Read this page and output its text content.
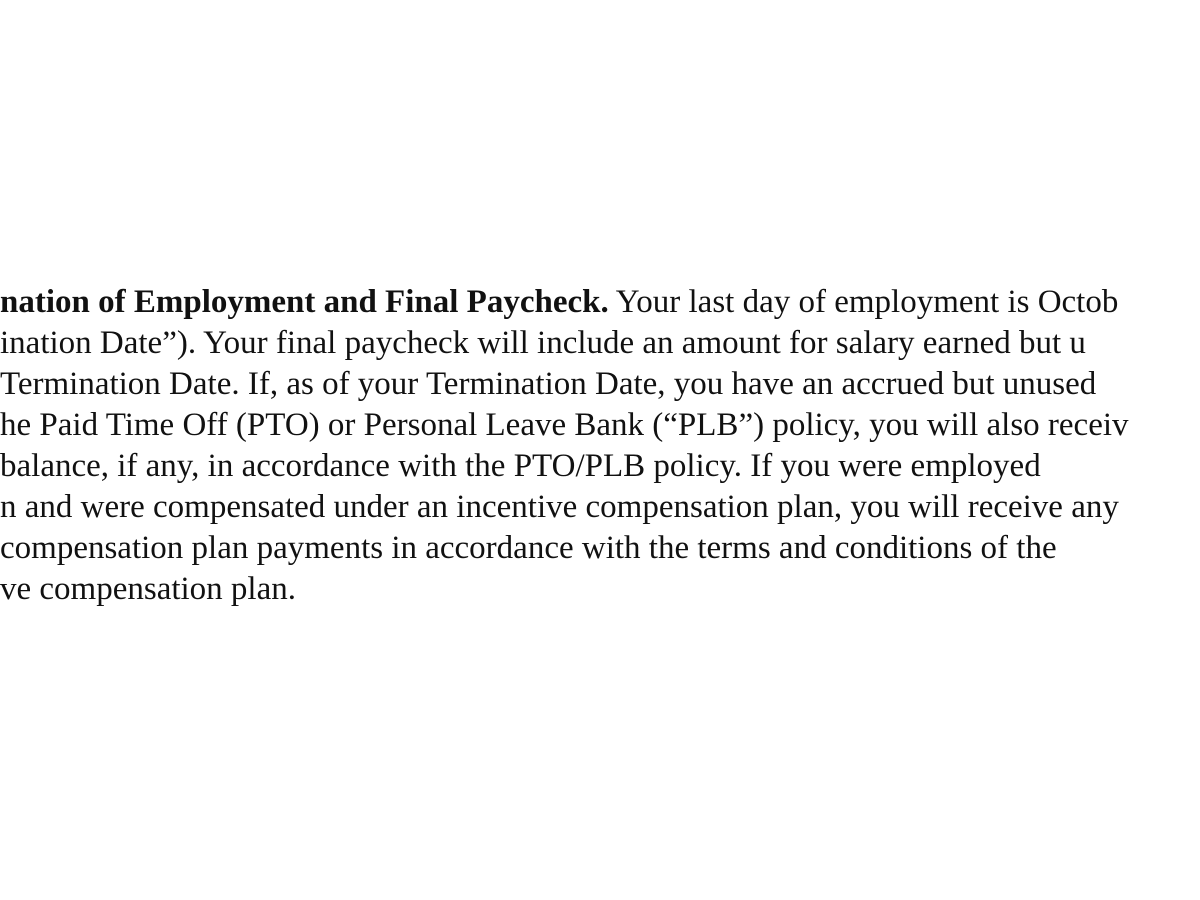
nation of Employment and Final Paycheck. Your last day of employment is Octob
ination Date”). Your final paycheck will include an amount for salary earned but u
Termination Date. If, as of your Termination Date, you have an accrued but unused
he Paid Time Off (PTO) or Personal Leave Bank (“PLB”) policy, you will also receiv
balance, if any, in accordance with the PTO/PLB policy. If you were employed
n and were compensated under an incentive compensation plan, you will receive any
compensation plan payments in accordance with the terms and conditions of the
ve compensation plan.
